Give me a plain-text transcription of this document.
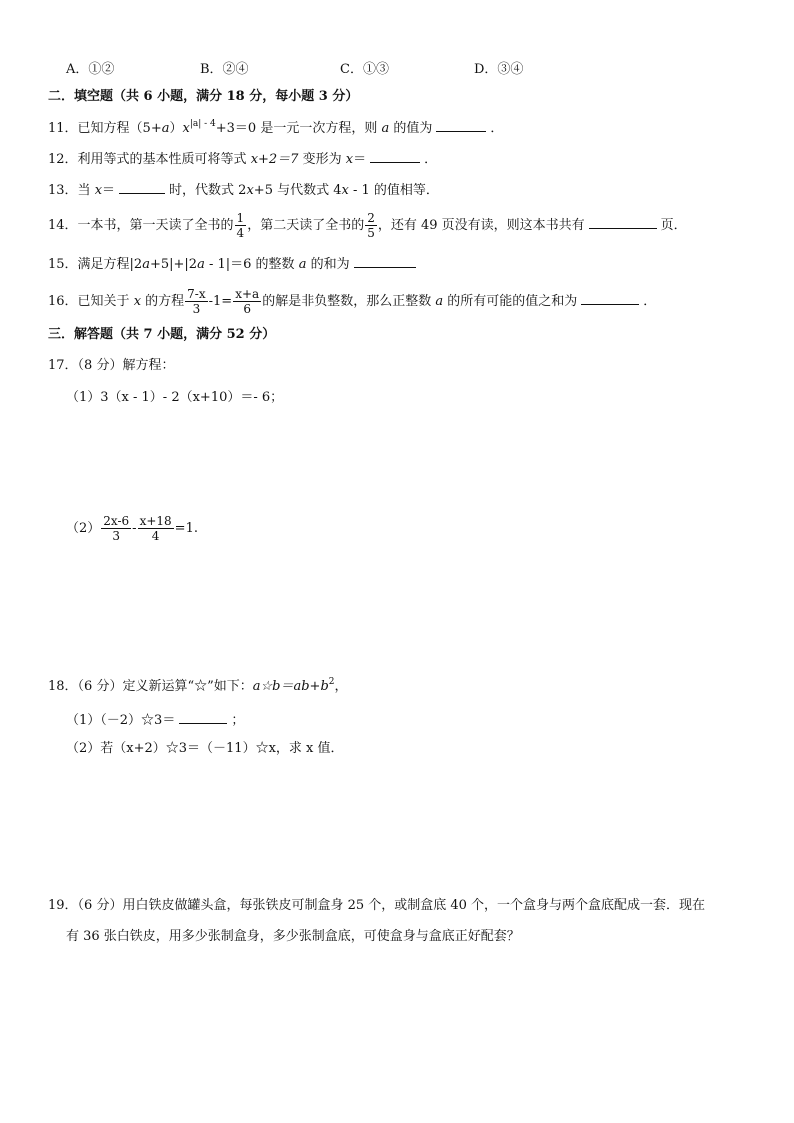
A．①②	B．②④	C．①③	D．③④
二．填空题（共 6 小题，满分 18 分，每小题 3 分）
11．已知方程$(5+a)x^{|a| - 4}+3=0$ 是一元一次方程，则 a 的值为	．
12．利用等式的基本性质可将等式 x+2＝7 变形为 x＝	．
13．当 x＝	时，代数式 2x+5 与代数式 4x - 1 的值相等．
14．一本书，第一天读了全书的 $\frac{1}{4}$ ，第二天读了全书的 $\frac{2}{5}$ ，还有 49 页没有读，则这本书共有	页．
15．满足方程|2a+5|+|2a - 1|＝6 的整数 a 的和为
16．已知关于 x 的方程 $\frac{7-x}{3} -1= \frac{x+a}{6}$ 的解是非负整数，那么正整数 a 的所有可能的值之和为	．
三．解答题（共 7 小题，满分 52 分）
17．（8 分）解方程：
（1）3（x - 1）- 2（x+10）＝- 6；
$(2) \frac{2x-6}{3} - \frac{x+18}{4} =1$.
18．（6 分）定义新运算“☆”如下：$a☆b=ab+b^2$，
（1）（－2）☆3＝	；
（2）若（x+2）☆3＝（－11）☆x，求 x 值．
19．（6 分）用白铁皮做罐头盒，每张铁皮可制盒身 25 个，或制盒底 40 个，一个盒身与两个盒底配成一套．现在
有 36 张白铁皮，用多少张制盒身，多少张制盒底，可使盒身与盒底正好配套？
